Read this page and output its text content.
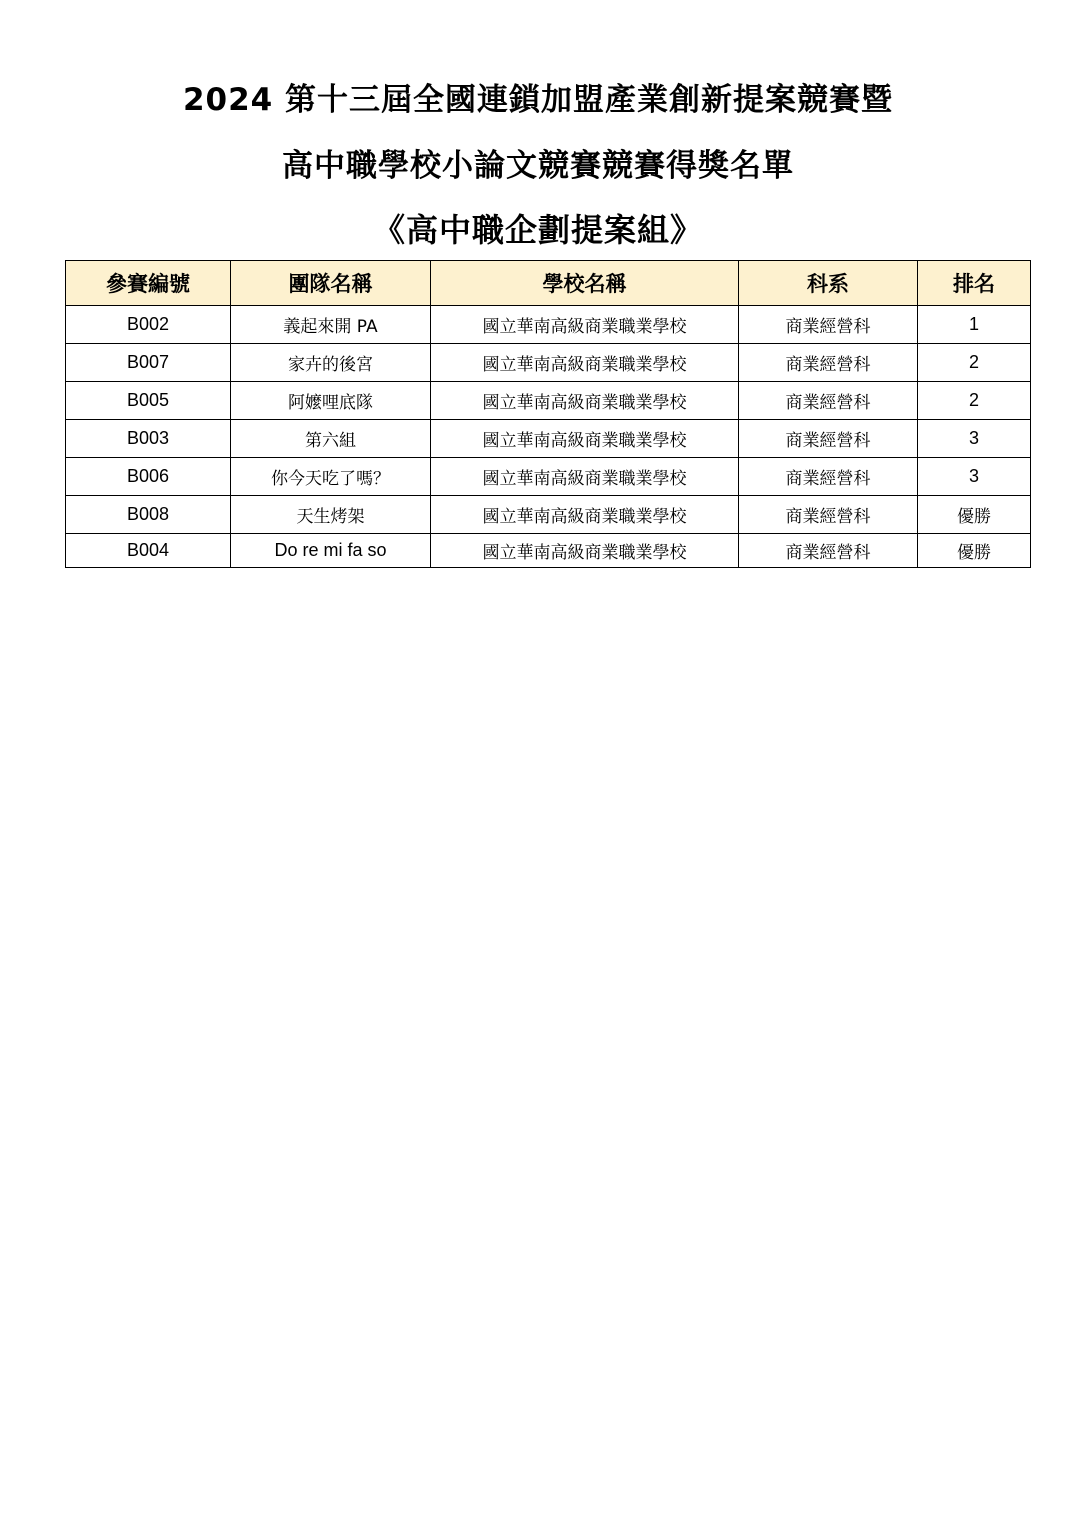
2024 第十三屆全國連鎖加盟產業創新提案競賽暨
高中職學校小論文競賽競賽得獎名單
《高中職企劃提案組》
參賽編號	團隊名稱	學校名稱	科系	排名
B002	義起來開 PA	國立華南高級商業職業學校	商業經營科	1
B007	家卉的後宮	國立華南高級商業職業學校	商業經營科	2
B005	阿嬤哩底隊	國立華南高級商業職業學校	商業經營科	2
B003	第六組	國立華南高級商業職業學校	商業經營科	3
B006	你今天吃了嗎？	國立華南高級商業職業學校	商業經營科	3
B008	天生烤架	國立華南高級商業職業學校	商業經營科	優勝
B004	Do re mi fa so	國立華南高級商業職業學校	商業經營科	優勝
